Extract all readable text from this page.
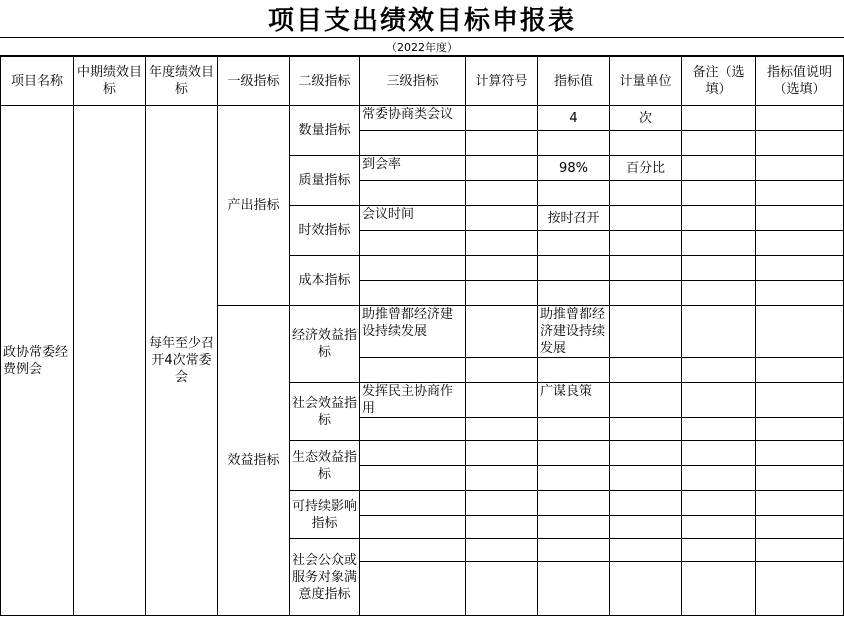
项目支出绩效目标申报表
（2022年度）
项目名称	中期绩效目标	年度绩效目标	一级指标	二级指标	三级指标	计算符号	指标值	计量单位	备注（选填）	指标值说明（选填）
政协常委经费例会		每年至少召开4次常委会	产出指标	数量指标	常委协商类会议		4	次		

				质量指标	到会率		98%	百分比		

				时效指标	会议时间		按时召开			

				成本指标						

			效益指标	经济效益指标	助推曾都经济建设持续发展		助推曾都经济建设持续发展			

				社会效益指标	发挥民主协商作用		广谋良策			

				生态效益指标						

				可持续影响指标						

				社会公众或服务对象满意度指标						
